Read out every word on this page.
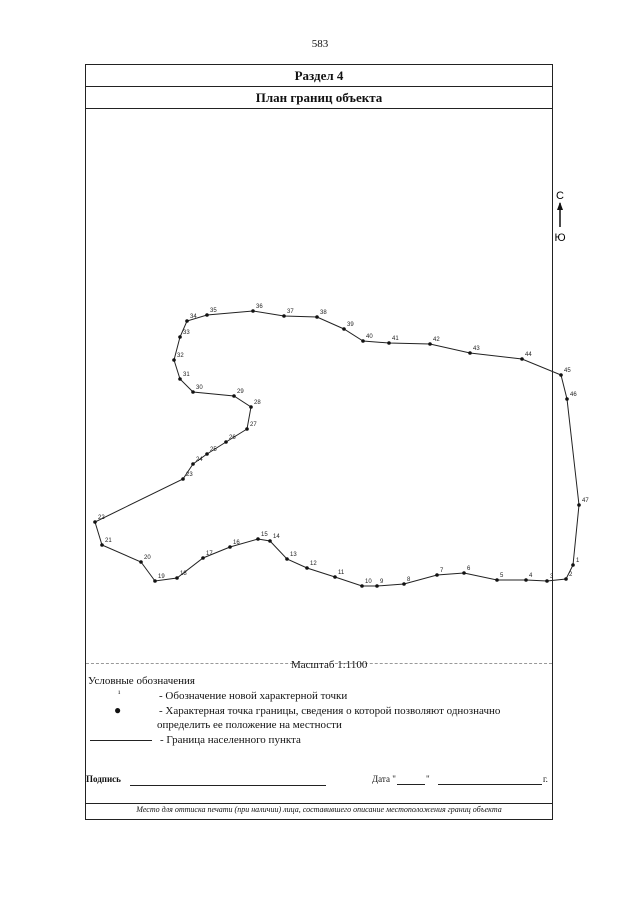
583
Раздел 4
План границ объекта
С
Ю
1
2
3
4
5
6
7
8
9
10
11
12
13
14
15
16
17
18
19
20
21
22
23
24
25
26
27
28
29
30
31
32
33
34
35
36
37	38
39
40	41	42
43
44
45
46
47
Масштаб 1:1100
Условные обозначения
¹	- Обозначение новой характерной точки
●	- Характерная точка границы, сведения о которой позволяют однозначно
определить ее положение на местности
- Граница населенного пункта
Подпись	Дата "	"	г.
Место для оттиска печати (при наличии) лица, составившего описание местоположения границ объекта
